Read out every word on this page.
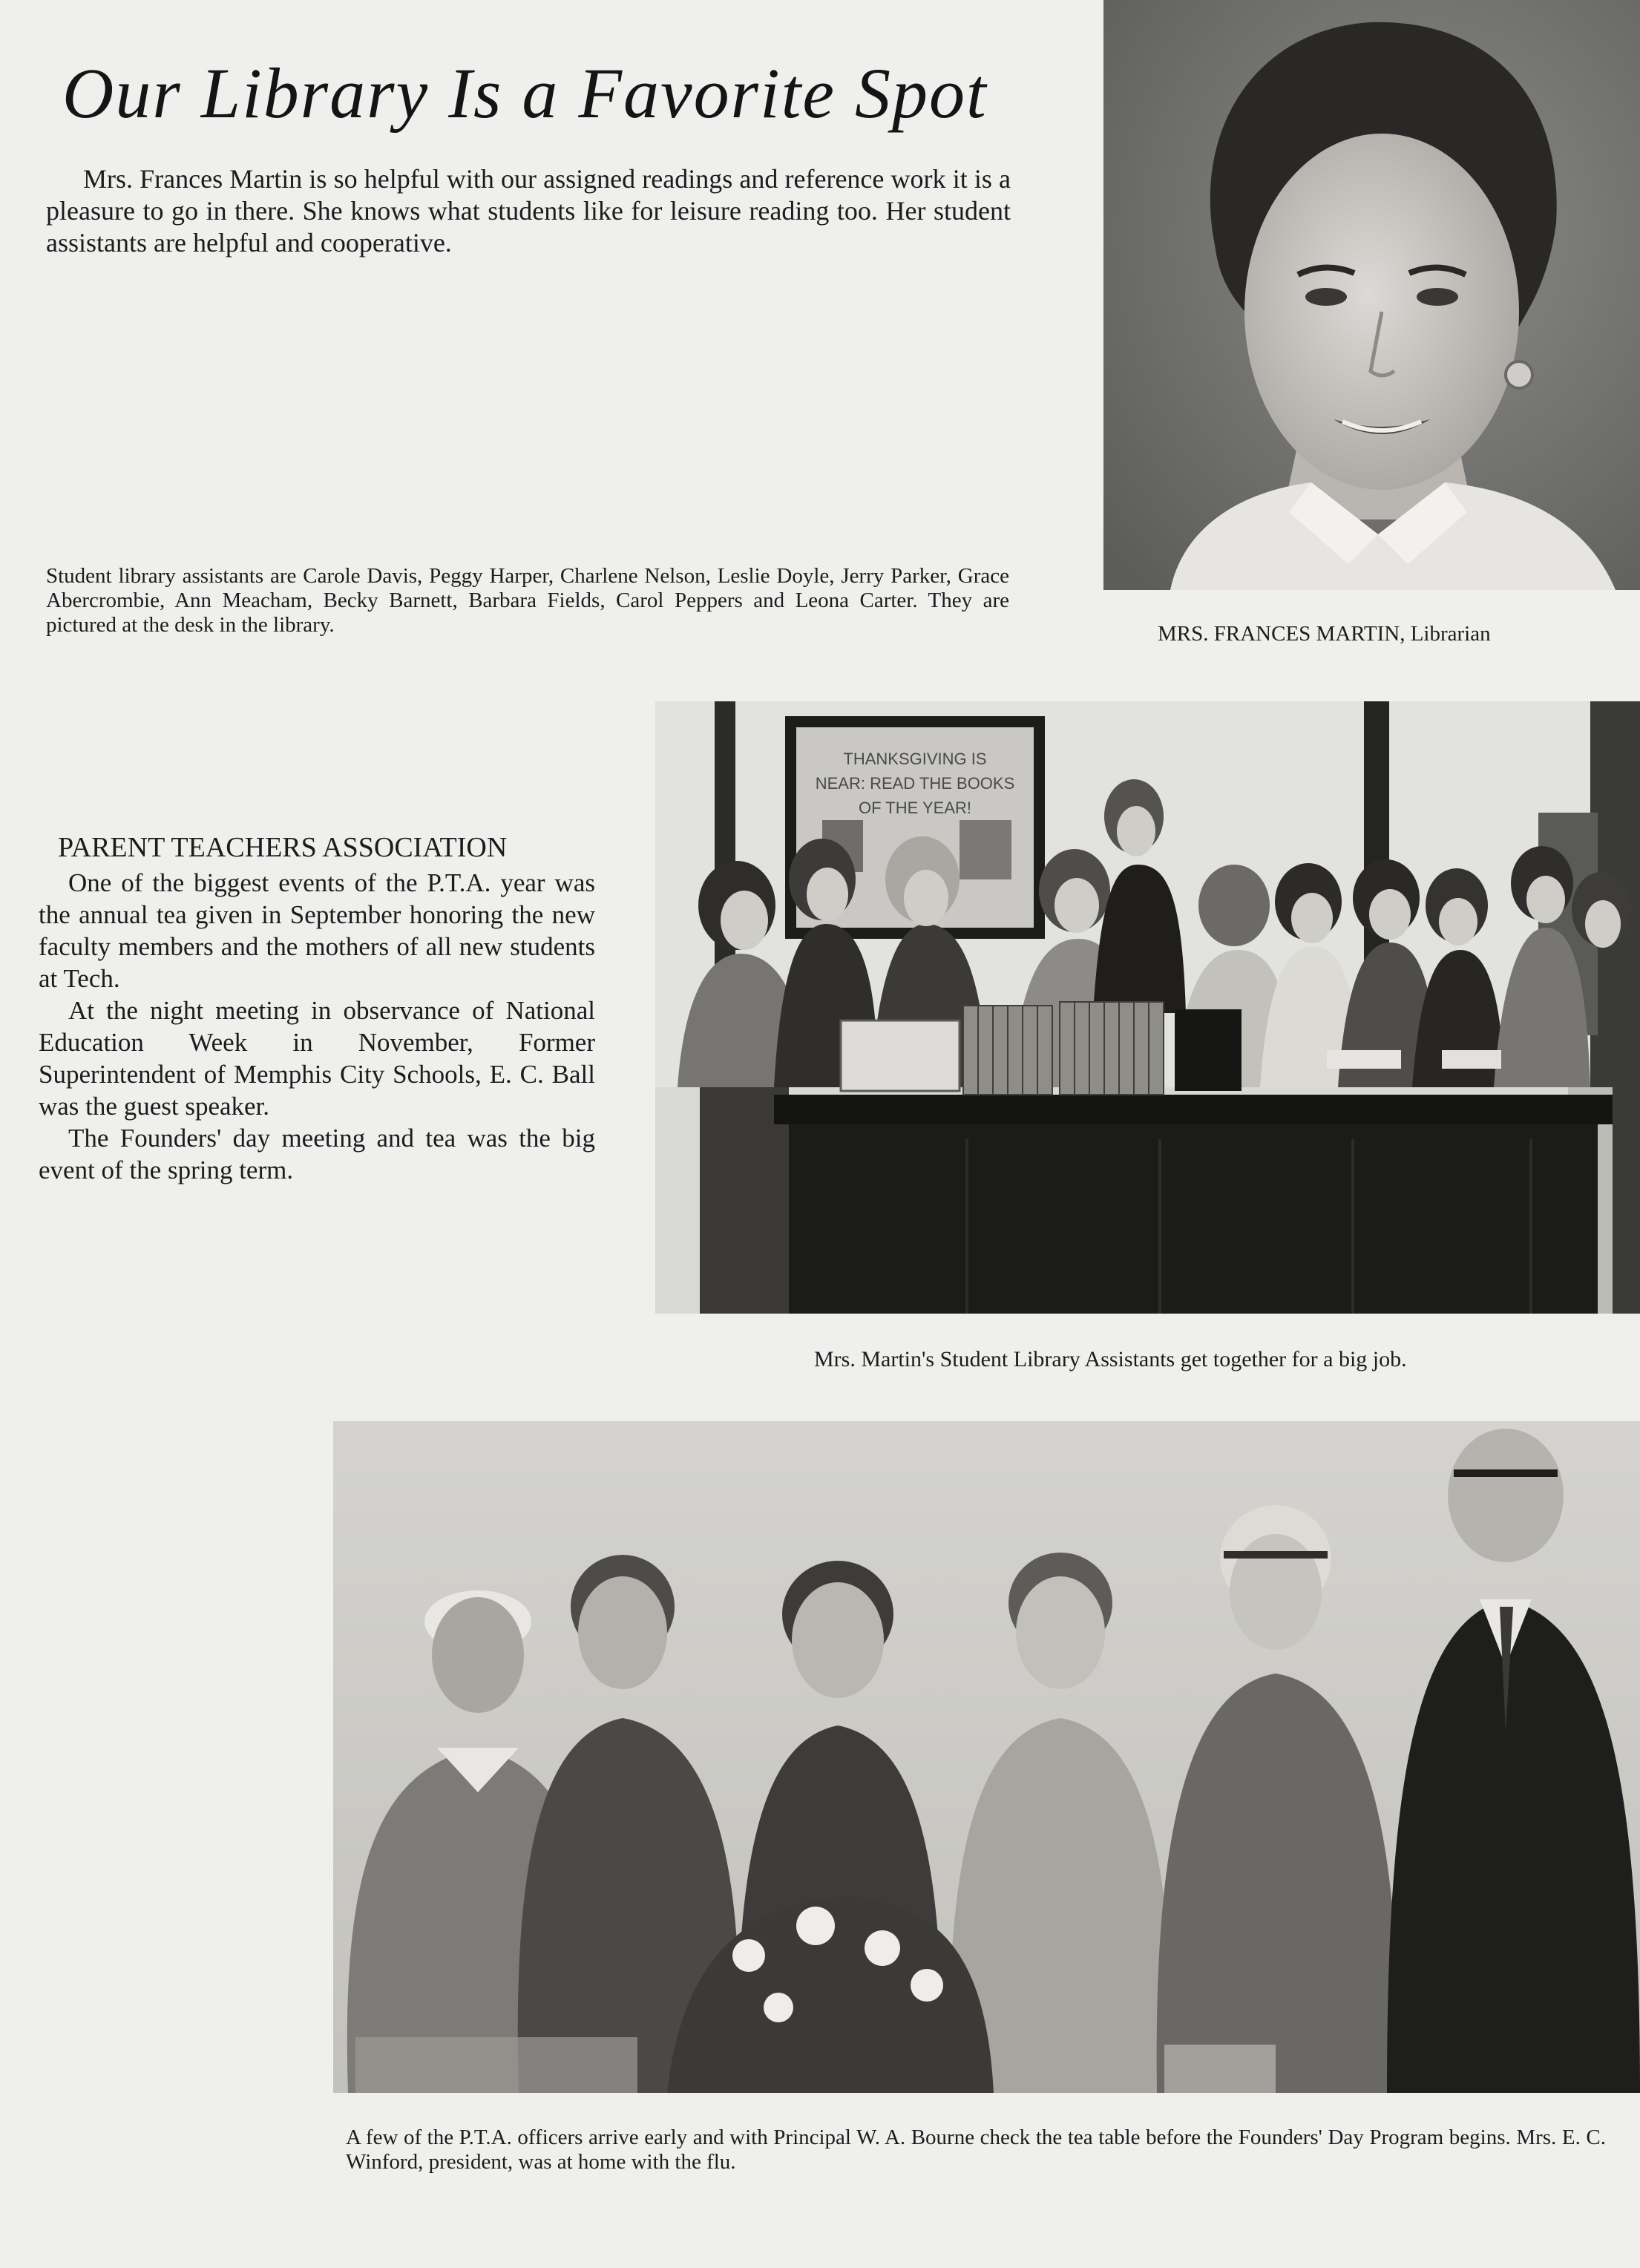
Our Library Is a Favorite Spot

Mrs. Frances Martin is so helpful with our assigned readings and reference work it is a pleasure to go in there. She knows what students like for leisure reading too. Her student assistants are helpful and cooperative.

Student library assistants are Carole Davis, Peggy Harper, Charlene Nelson, Leslie Doyle, Jerry Parker, Grace Abercrombie, Ann Meacham, Becky Barnett, Barbara Fields, Carol Peppers and Leona Carter. They are pictured at the desk in the library.	MRS. FRANCES MARTIN, Librarian
PARENT TEACHERS ASSOCIATION

One of the biggest events of the P.T.A. year was the annual tea given in September honoring the new faculty members and the mothers of all new students at Tech.

At the night meeting in observance of National Education Week in November, Former Superintendent of Memphis City Schools, E. C. Ball was the guest speaker.

The Founders' day meeting and tea was the big event of the spring term.

THANKSGIVING IS
NEAR: READ THE BOOKS
OF THE YEAR!
Mrs. Martin's Student Library Assistants get together for a big job.

A few of the P.T.A. officers arrive early and with Principal W. A. Bourne check the tea table before the Founders' Day Program begins. Mrs. E. C. Winford, president, was at home with the flu.
